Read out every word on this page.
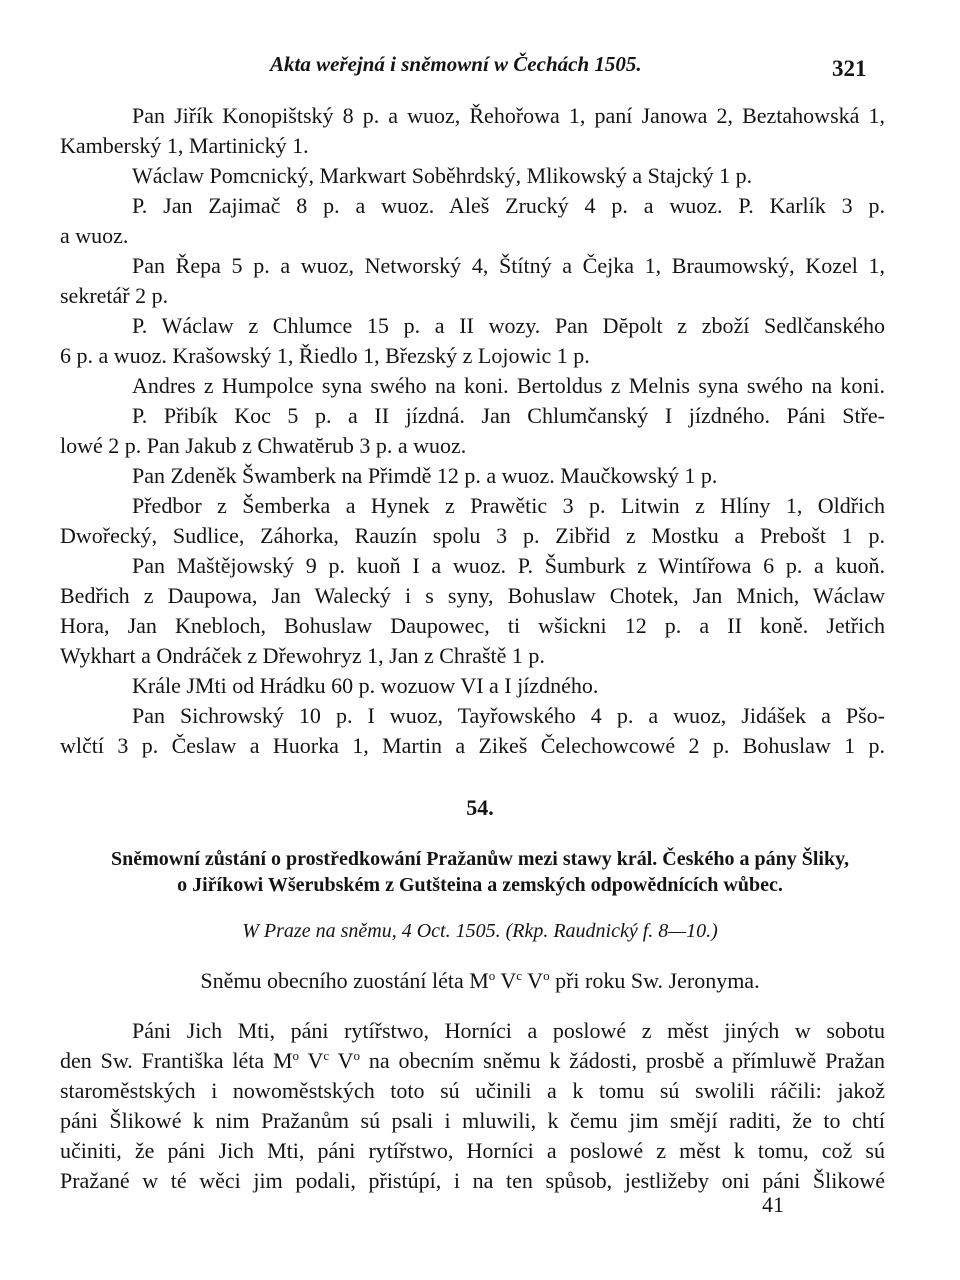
Akta weřejná i sněmowní w Čechách 1505.	321
Pan Jiřík Konopištský 8 p. a wuoz, Řehořowa 1, paní Janowa 2, Beztahowská 1,
Kamberský 1, Martinický 1.
Wáclaw Pomcnický, Markwart Soběhrdský, Mlikowský a Stajcký 1 p.
P. Jan Zajimač 8 p. a wuoz. Aleš Zrucký 4 p. a wuoz. P. Karlík 3 p.
a wuoz.
Pan Řepa 5 p. a wuoz, Networský 4, Štítný a Čejka 1, Braumowský, Kozel 1,
sekretář 2 p.
P. Wáclaw z Chlumce 15 p. a II wozy. Pan Dĕpolt z zboží Sedlčanského
6 p. a wuoz. Krašowský 1, Řiedlo 1, Březský z Lojowic 1 p.
Andres z Humpolce syna swého na koni. Bertoldus z Melnis syna swého na koni.
P. Přibík Koc 5 p. a II jízdná. Jan Chlumčanský I jízdného. Páni Stře-
lowé 2 p. Pan Jakub z Chwatĕrub 3 p. a wuoz.
Pan Zdeněk Šwamberk na Přimdě 12 p. a wuoz. Maučkowský 1 p.
Předbor z Šemberka a Hynek z Prawětic 3 p. Litwin z Hlíny 1, Oldřich
Dwořecký, Sudlice, Záhorka, Rauzín spolu 3 p. Zibřid z Mostku a Prebošt 1 p.
Pan Maštějowský 9 p. kuoň I a wuoz. P. Šumburk z Wintířowa 6 p. a kuoň.
Bedřich z Daupowa, Jan Walecký i s syny, Bohuslaw Chotek, Jan Mnich, Wáclaw
Hora, Jan Knebloch, Bohuslaw Daupowec, ti wšickni 12 p. a II koně. Jetřich
Wykhart a Ondráček z Dřewohryz 1, Jan z Chraště 1 p.
Krále JMti od Hrádku 60 p. wozuow VI a I jízdného.
Pan Sichrowský 10 p. I wuoz, Tayřowského 4 p. a wuoz, Jidášek a Pšo-
wlčtí 3 p. Česlaw a Huorka 1, Martin a Zikeš Čelechowcowé 2 p. Bohuslaw 1 p.
54.
Sněmowní zůstání o prostředkowání Pražanůw mezi stawy král. Českého a pány Šliky,
o Jiříkowi Wšerubském z Gutšteina a zemských odpowědnících wůbec.
W Praze na sněmu, 4 Oct. 1505. (Rkp. Raudnický f. 8—10.)
Sněmu obecního zuostání léta $M^o$ $V^c$ $V^o$ při roku Sw. Jeronyma.
Páni Jich Mti, páni rytířstwo, Horníci a poslowé z měst jiných w sobotu
den Sw. Františka léta $M^o$ $V^c$ $V^o$ na obecním sněmu k žádosti, prosbě a přímluwě Pražan
staroměstských i nowoměstských toto sú učinili a k tomu sú swolili ráčili: jakož
páni Šlikowé k nim Pražanům sú psali i mluwili, k čemu jim smějí raditi, že to chtí
učiniti, že páni Jich Mti, páni rytířstwo, Horníci a poslowé z měst k tomu, což sú
Pražané w té wěci jim podali, přistúpí, i na ten spůsob, jestližeby oni páni Šlikowé
41
